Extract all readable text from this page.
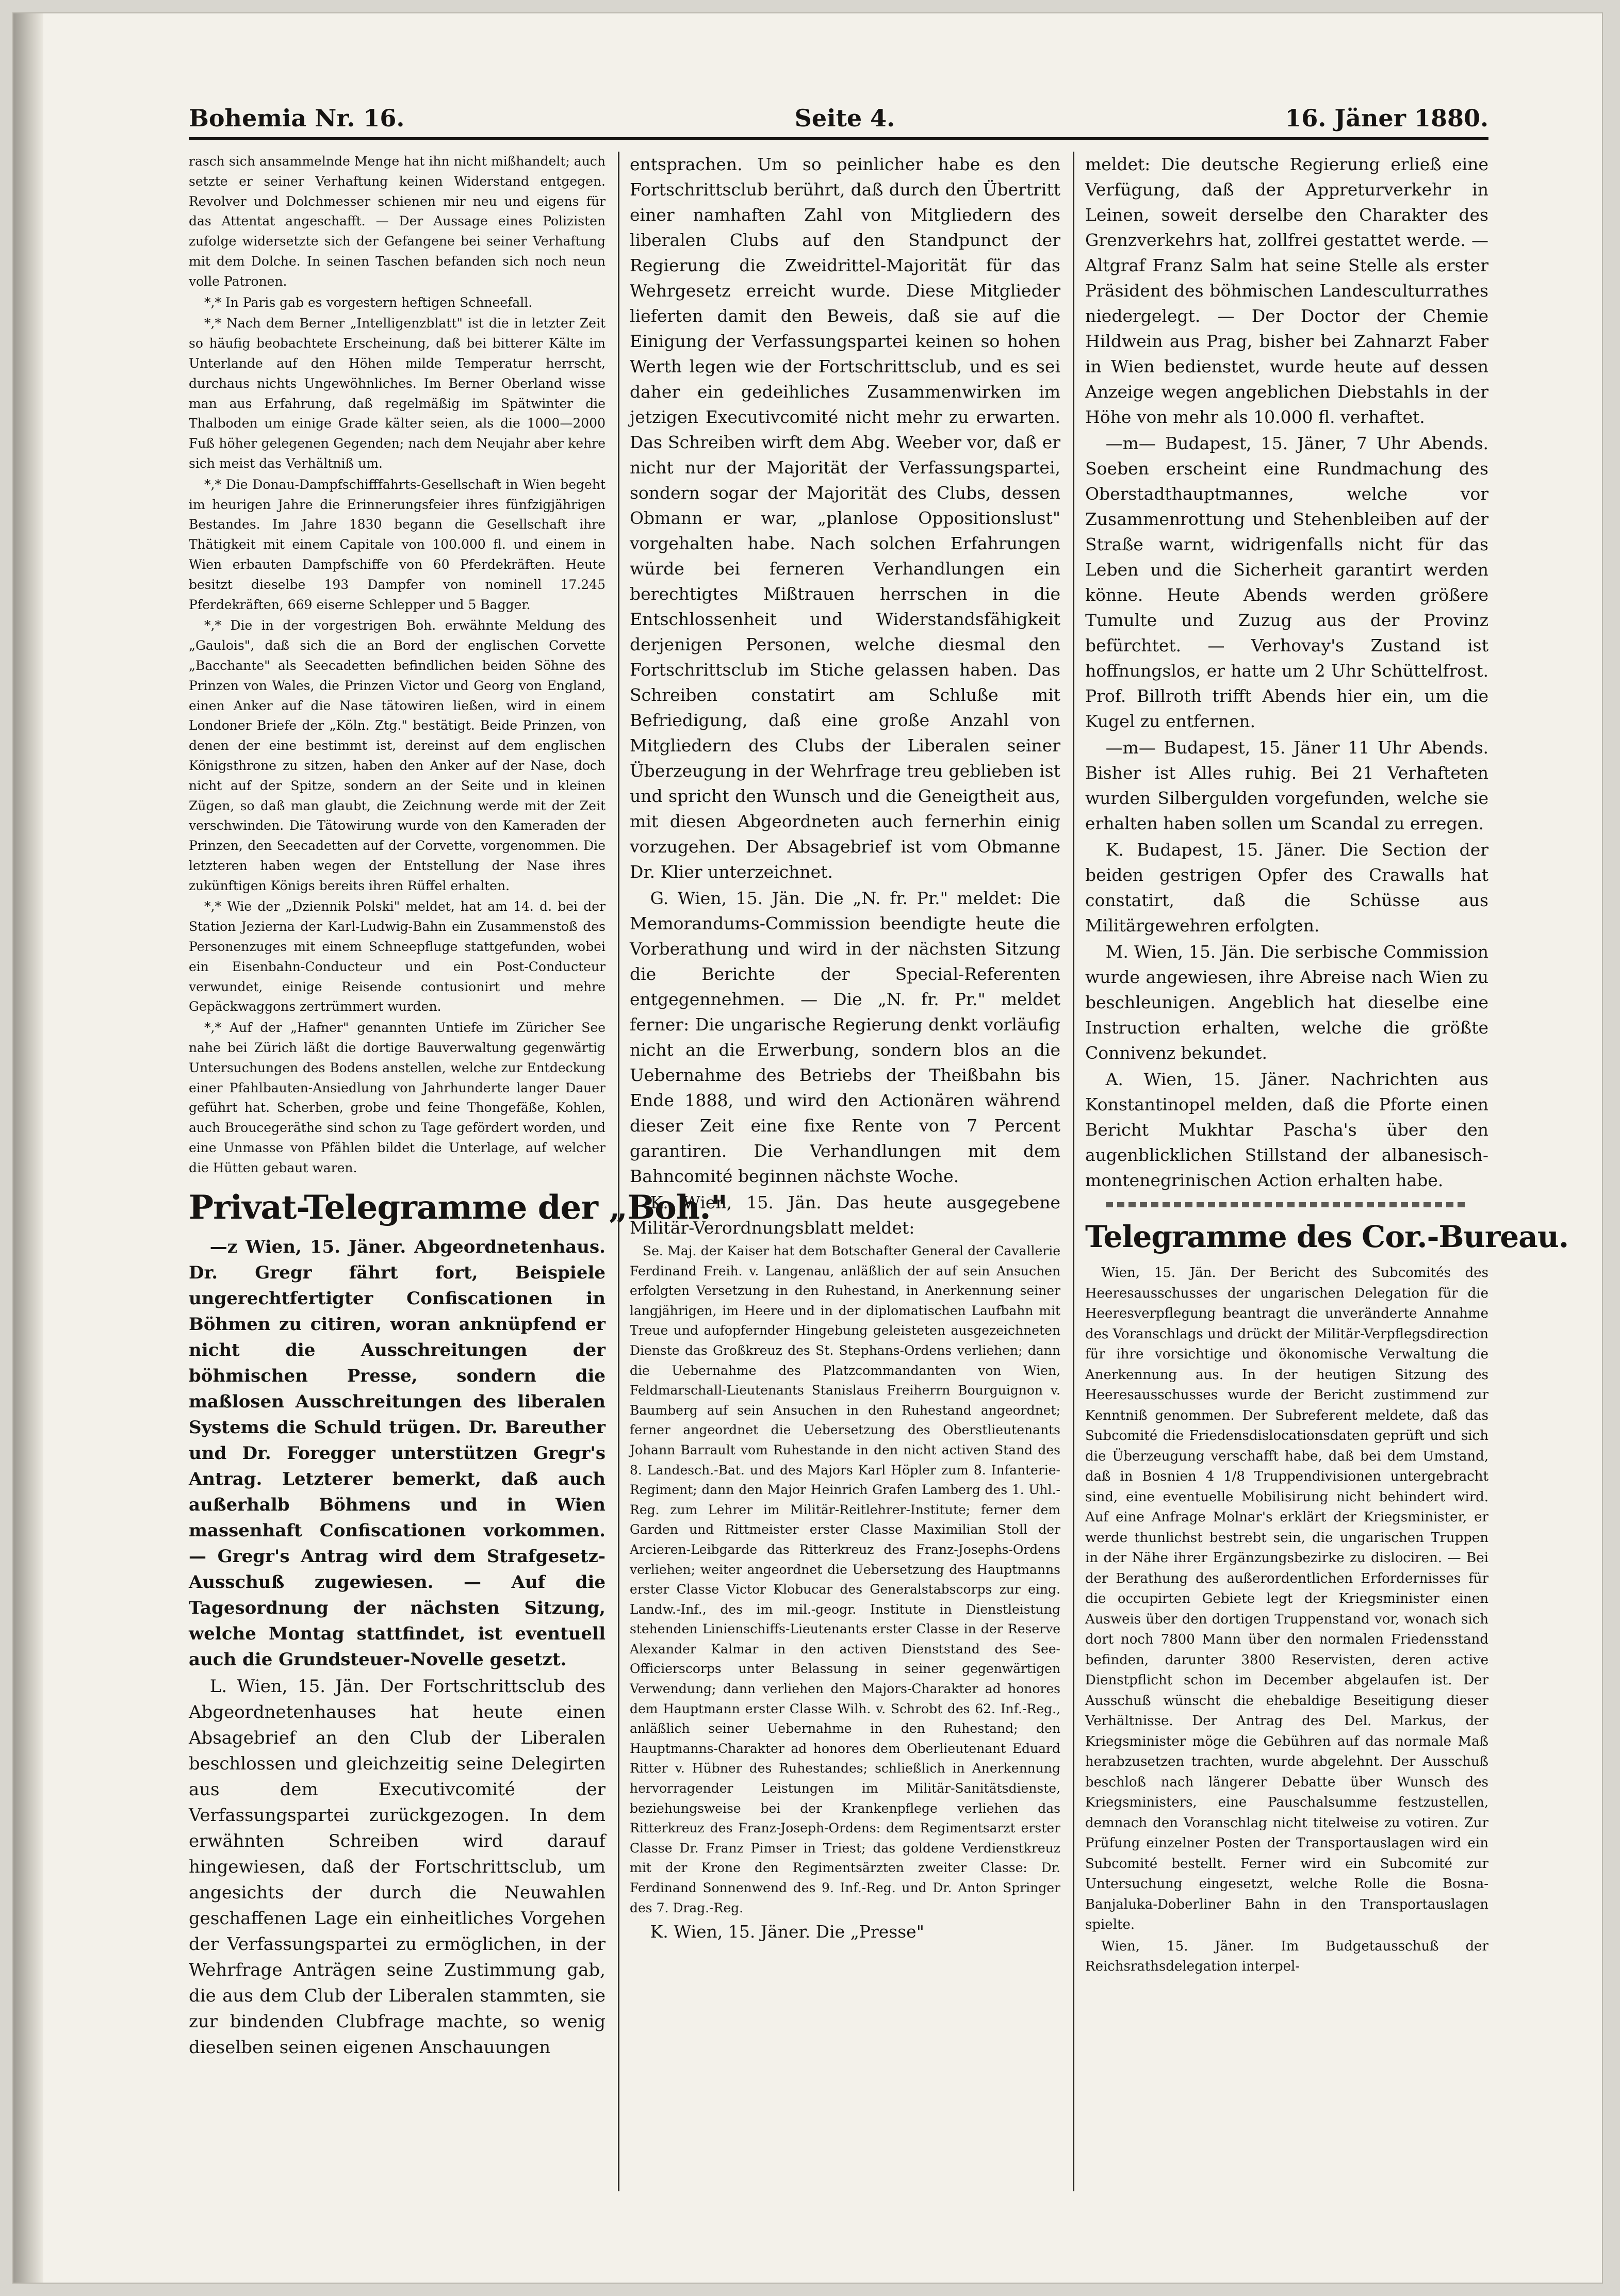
Bohemia Nr. 16.	Seite 4.	16. Jäner 1880.

rasch sich ansammelnde Menge hat ihn nicht mißhandelt; auch setzte er seiner Verhaftung keinen Widerstand entgegen. Revolver und Dolchmesser schienen mir neu und eigens für das Attentat angeschafft. — Der Aussage eines Polizisten zufolge widersetzte sich der Gefangene bei seiner Verhaftung mit dem Dolche. In seinen Taschen befanden sich noch neun volle Patronen.

*,* In Paris gab es vorgestern heftigen Schneefall.

*,* Nach dem Berner „Intelligenzblatt" ist die in letzter Zeit so häufig beobachtete Erscheinung, daß bei bitterer Kälte im Unterlande auf den Höhen milde Temperatur herrscht, durchaus nichts Ungewöhnliches. Im Berner Oberland wisse man aus Erfahrung, daß regelmäßig im Spätwinter die Thalboden um einige Grade kälter seien, als die 1000—2000 Fuß höher gelegenen Gegenden; nach dem Neujahr aber kehre sich meist das Verhältniß um.

*,* Die Donau-Dampfschifffahrts-Gesellschaft in Wien begeht im heurigen Jahre die Erinnerungsfeier ihres fünfzigjährigen Bestandes. Im Jahre 1830 begann die Gesellschaft ihre Thätigkeit mit einem Capitale von 100.000 fl. und einem in Wien erbauten Dampfschiffe von 60 Pferdekräften. Heute besitzt dieselbe 193 Dampfer von nominell 17.245 Pferdekräften, 669 eiserne Schlepper und 5 Bagger.

*,* Die in der vorgestrigen Boh. erwähnte Meldung des „Gaulois", daß sich die an Bord der englischen Corvette „Bacchante" als Seecadetten befindlichen beiden Söhne des Prinzen von Wales, die Prinzen Victor und Georg von England, einen Anker auf die Nase tätowiren ließen, wird in einem Londoner Briefe der „Köln. Ztg." bestätigt. Beide Prinzen, von denen der eine bestimmt ist, dereinst auf dem englischen Königsthrone zu sitzen, haben den Anker auf der Nase, doch nicht auf der Spitze, sondern an der Seite und in kleinen Zügen, so daß man glaubt, die Zeichnung werde mit der Zeit verschwinden. Die Tätowirung wurde von den Kameraden der Prinzen, den Seecadetten auf der Corvette, vorgenommen. Die letzteren haben wegen der Entstellung der Nase ihres zukünftigen Königs bereits ihren Rüffel erhalten.

*,* Wie der „Dziennik Polski" meldet, hat am 14. d. bei der Station Jezierna der Karl-Ludwig-Bahn ein Zusammenstoß des Personenzuges mit einem Schneepfluge stattgefunden, wobei ein Eisenbahn-Conducteur und ein Post-Conducteur verwundet, einige Reisende contusionirt und mehre Gepäckwaggons zertrümmert wurden.

*,* Auf der „Hafner" genannten Untiefe im Züricher See nahe bei Zürich läßt die dortige Bauverwaltung gegenwärtig Untersuchungen des Bodens anstellen, welche zur Entdeckung einer Pfahlbauten-Ansiedlung von Jahrhunderte langer Dauer geführt hat. Scherben, grobe und feine Thongefäße, Kohlen, auch Broucegeräthe sind schon zu Tage gefördert worden, und eine Unmasse von Pfählen bildet die Unterlage, auf welcher die Hütten gebaut waren.

Privat-Telegramme der „Boh."

—z Wien, 15. Jäner. Abgeordnetenhaus. Dr. Gregr fährt fort, Beispiele ungerechtfertigter Confiscationen in Böhmen zu citiren, woran anknüpfend er nicht die Ausschreitungen der böhmischen Presse, sondern die maßlosen Ausschreitungen des liberalen Systems die Schuld trügen. Dr. Bareuther und Dr. Foregger unterstützen Gregr's Antrag. Letzterer bemerkt, daß auch außerhalb Böhmens und in Wien massenhaft Confiscationen vorkommen. — Gregr's Antrag wird dem Strafgesetz-Ausschuß zugewiesen. — Auf die Tagesordnung der nächsten Sitzung, welche Montag stattfindet, ist eventuell auch die Grundsteuer-Novelle gesetzt.

L. Wien, 15. Jän. Der Fortschrittsclub des Abgeordnetenhauses hat heute einen Absagebrief an den Club der Liberalen beschlossen und gleichzeitig seine Delegirten aus dem Executivcomité der Verfassungspartei zurückgezogen. In dem erwähnten Schreiben wird darauf hingewiesen, daß der Fortschrittsclub, um angesichts der durch die Neuwahlen geschaffenen Lage ein einheitliches Vorgehen der Verfassungspartei zu ermöglichen, in der Wehrfrage Anträgen seine Zustimmung gab, die aus dem Club der Liberalen stammten, sie zur bindenden Clubfrage machte, so wenig dieselben seinen eigenen Anschauungen

entsprachen. Um so peinlicher habe es den Fortschrittsclub berührt, daß durch den Übertritt einer namhaften Zahl von Mitgliedern des liberalen Clubs auf den Standpunct der Regierung die Zweidrittel-Majorität für das Wehrgesetz erreicht wurde. Diese Mitglieder lieferten damit den Beweis, daß sie auf die Einigung der Verfassungspartei keinen so hohen Werth legen wie der Fortschrittsclub, und es sei daher ein gedeihliches Zusammenwirken im jetzigen Executivcomité nicht mehr zu erwarten. Das Schreiben wirft dem Abg. Weeber vor, daß er nicht nur der Majorität der Verfassungspartei, sondern sogar der Majorität des Clubs, dessen Obmann er war, „planlose Oppositionslust" vorgehalten habe. Nach solchen Erfahrungen würde bei ferneren Verhandlungen ein berechtigtes Mißtrauen herrschen in die Entschlossenheit und Widerstandsfähigkeit derjenigen Personen, welche diesmal den Fortschrittsclub im Stiche gelassen haben. Das Schreiben constatirt am Schluße mit Befriedigung, daß eine große Anzahl von Mitgliedern des Clubs der Liberalen seiner Überzeugung in der Wehrfrage treu geblieben ist und spricht den Wunsch und die Geneigtheit aus, mit diesen Abgeordneten auch fernerhin einig vorzugehen. Der Absagebrief ist vom Obmanne Dr. Klier unterzeichnet.

G. Wien, 15. Jän. Die „N. fr. Pr." meldet: Die Memorandums-Commission beendigte heute die Vorberathung und wird in der nächsten Sitzung die Berichte der Special-Referenten entgegennehmen. — Die „N. fr. Pr." meldet ferner: Die ungarische Regierung denkt vorläufig nicht an die Erwerbung, sondern blos an die Uebernahme des Betriebs der Theißbahn bis Ende 1888, und wird den Actionären während dieser Zeit eine fixe Rente von 7 Percent garantiren. Die Verhandlungen mit dem Bahncomité beginnen nächste Woche.

K. Wien, 15. Jän. Das heute ausgegebene Militär-Verordnungsblatt meldet:

Se. Maj. der Kaiser hat dem Botschafter General der Cavallerie Ferdinand Freih. v. Langenau, anläßlich der auf sein Ansuchen erfolgten Versetzung in den Ruhestand, in Anerkennung seiner langjährigen, im Heere und in der diplomatischen Laufbahn mit Treue und aufopfernder Hingebung geleisteten ausgezeichneten Dienste das Großkreuz des St. Stephans-Ordens verliehen; dann die Uebernahme des Platzcommandanten von Wien, Feldmarschall-Lieutenants Stanislaus Freiherrn Bourguignon v. Baumberg auf sein Ansuchen in den Ruhestand angeordnet; ferner angeordnet die Uebersetzung des Oberstlieutenants Johann Barrault vom Ruhestande in den nicht activen Stand des 8. Landesch.-Bat. und des Majors Karl Höpler zum 8. Infanterie-Regiment; dann den Major Heinrich Grafen Lamberg des 1. Uhl.-Reg. zum Lehrer im Militär-Reitlehrer-Institute; ferner dem Garden und Rittmeister erster Classe Maximilian Stoll der Arcieren-Leibgarde das Ritterkreuz des Franz-Josephs-Ordens verliehen; weiter angeordnet die Uebersetzung des Hauptmanns erster Classe Victor Klobucar des Generalstabscorps zur eing. Landw.-Inf., des im mil.-geogr. Institute in Dienstleistung stehenden Linienschiffs-Lieutenants erster Classe in der Reserve Alexander Kalmar in den activen Dienststand des See-Officierscorps unter Belassung in seiner gegenwärtigen Verwendung; dann verliehen den Majors-Charakter ad honores dem Hauptmann erster Classe Wilh. v. Schrobt des 62. Inf.-Reg., anläßlich seiner Uebernahme in den Ruhestand; den Hauptmanns-Charakter ad honores dem Oberlieutenant Eduard Ritter v. Hübner des Ruhestandes; schließlich in Anerkennung hervorragender Leistungen im Militär-Sanitätsdienste, beziehungsweise bei der Krankenpflege verliehen das Ritterkreuz des Franz-Joseph-Ordens: dem Regimentsarzt erster Classe Dr. Franz Pimser in Triest; das goldene Verdienstkreuz mit der Krone den Regimentsärzten zweiter Classe: Dr. Ferdinand Sonnenwend des 9. Inf.-Reg. und Dr. Anton Springer des 7. Drag.-Reg.

K. Wien, 15. Jäner. Die „Presse"

meldet: Die deutsche Regierung erließ eine Verfügung, daß der Appreturverkehr in Leinen, soweit derselbe den Charakter des Grenzverkehrs hat, zollfrei gestattet werde. — Altgraf Franz Salm hat seine Stelle als erster Präsident des böhmischen Landesculturrathes niedergelegt. — Der Doctor der Chemie Hildwein aus Prag, bisher bei Zahnarzt Faber in Wien bedienstet, wurde heute auf dessen Anzeige wegen angeblichen Diebstahls in der Höhe von mehr als 10.000 fl. verhaftet.

—m— Budapest, 15. Jäner, 7 Uhr Abends. Soeben erscheint eine Rundmachung des Oberstadthauptmannes, welche vor Zusammenrottung und Stehenbleiben auf der Straße warnt, widrigenfalls nicht für das Leben und die Sicherheit garantirt werden könne. Heute Abends werden größere Tumulte und Zuzug aus der Provinz befürchtet. — Verhovay's Zustand ist hoffnungslos, er hatte um 2 Uhr Schüttelfrost. Prof. Billroth trifft Abends hier ein, um die Kugel zu entfernen.

—m— Budapest, 15. Jäner 11 Uhr Abends. Bisher ist Alles ruhig. Bei 21 Verhafteten wurden Silbergulden vorgefunden, welche sie erhalten haben sollen um Scandal zu erregen.

K. Budapest, 15. Jäner. Die Section der beiden gestrigen Opfer des Crawalls hat constatirt, daß die Schüsse aus Militärgewehren erfolgten.

M. Wien, 15. Jän. Die serbische Commission wurde angewiesen, ihre Abreise nach Wien zu beschleunigen. Angeblich hat dieselbe eine Instruction erhalten, welche die größte Connivenz bekundet.

A. Wien, 15. Jäner. Nachrichten aus Konstantinopel melden, daß die Pforte einen Bericht Mukhtar Pascha's über den augenblicklichen Stillstand der albanesisch-montenegrinischen Action erhalten habe.

Telegramme des Cor.-Bureau.

Wien, 15. Jän. Der Bericht des Subcomités des Heeresausschusses der ungarischen Delegation für die Heeresverpflegung beantragt die unveränderte Annahme des Voranschlags und drückt der Militär-Verpflegsdirection für ihre vorsichtige und ökonomische Verwaltung die Anerkennung aus. In der heutigen Sitzung des Heeresausschusses wurde der Bericht zustimmend zur Kenntniß genommen. Der Subreferent meldete, daß das Subcomité die Friedensdislocationsdaten geprüft und sich die Überzeugung verschafft habe, daß bei dem Umstand, daß in Bosnien 4 1/8 Truppendivisionen untergebracht sind, eine eventuelle Mobilisirung nicht behindert wird. Auf eine Anfrage Molnar's erklärt der Kriegsminister, er werde thunlichst bestrebt sein, die ungarischen Truppen in der Nähe ihrer Ergänzungsbezirke zu dislociren. — Bei der Berathung des außerordentlichen Erfordernisses für die occupirten Gebiete legt der Kriegsminister einen Ausweis über den dortigen Truppenstand vor, wonach sich dort noch 7800 Mann über den normalen Friedensstand befinden, darunter 3800 Reservisten, deren active Dienstpflicht schon im December abgelaufen ist. Der Ausschuß wünscht die ehebaldige Beseitigung dieser Verhältnisse. Der Antrag des Del. Markus, der Kriegsminister möge die Gebühren auf das normale Maß herabzusetzen trachten, wurde abgelehnt. Der Ausschuß beschloß nach längerer Debatte über Wunsch des Kriegsministers, eine Pauschalsumme festzustellen, demnach den Voranschlag nicht titelweise zu votiren. Zur Prüfung einzelner Posten der Transportauslagen wird ein Subcomité bestellt. Ferner wird ein Subcomité zur Untersuchung eingesetzt, welche Rolle die Bosna-Banjaluka-Doberliner Bahn in den Transportauslagen spielte.

Wien, 15. Jäner. Im Budgetausschuß der Reichsrathsdelegation interpel-
